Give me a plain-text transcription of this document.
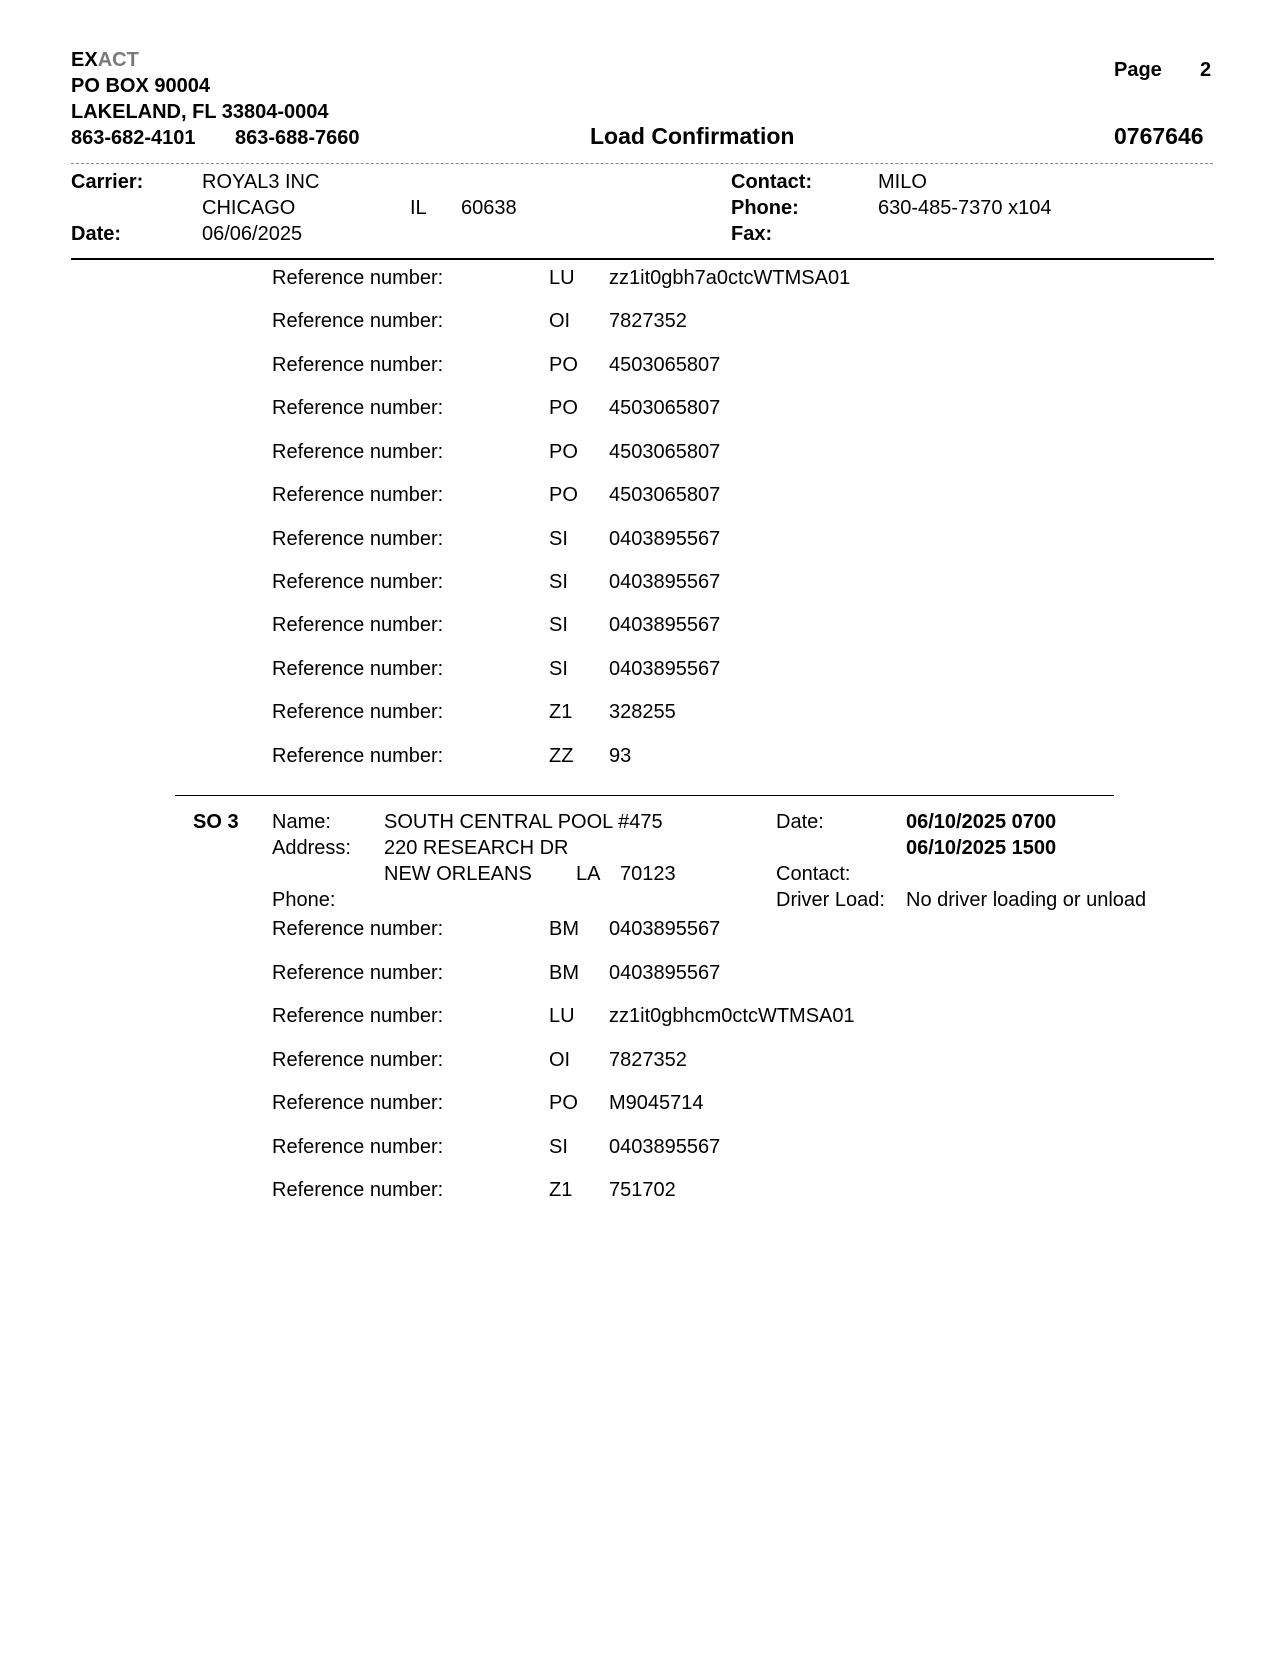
EXACT
PO BOX 90004
LAKELAND, FL 33804-0004
863-682-4101 863-688-7660
Page 2
Load Confirmation	0767646
Carrier:	ROYAL3 INC
CHICAGO	IL 60638
Date:	06/06/2025
Contact:	MILO
Phone:	630-485-7370 x104
Fax:
Reference number:	LU zz1it0gbh7a0ctcWTMSA01
Reference number:	OI 7827352
Reference number:	PO 4503065807
Reference number:	PO 4503065807
Reference number:	PO 4503065807
Reference number:	PO 4503065807
Reference number:	SI 0403895567
Reference number:	SI 0403895567
Reference number:	SI 0403895567
Reference number:	SI 0403895567
Reference number:	Z1 328255
Reference number:	ZZ 93
SO 3 Name:	SOUTH CENTRAL POOL #475
Address: 220 RESEARCH DR
NEW ORLEANS LA 70123
Phone:
Date:	06/10/2025 0700
06/10/2025 1500
Contact:
Driver Load: No driver loading or unload
Reference number:	BM 0403895567
Reference number:	BM 0403895567
Reference number:	LU zz1it0gbhcm0ctcWTMSA01
Reference number:	OI 7827352
Reference number:	PO M9045714
Reference number:	SI 0403895567
Reference number:	Z1 751702
